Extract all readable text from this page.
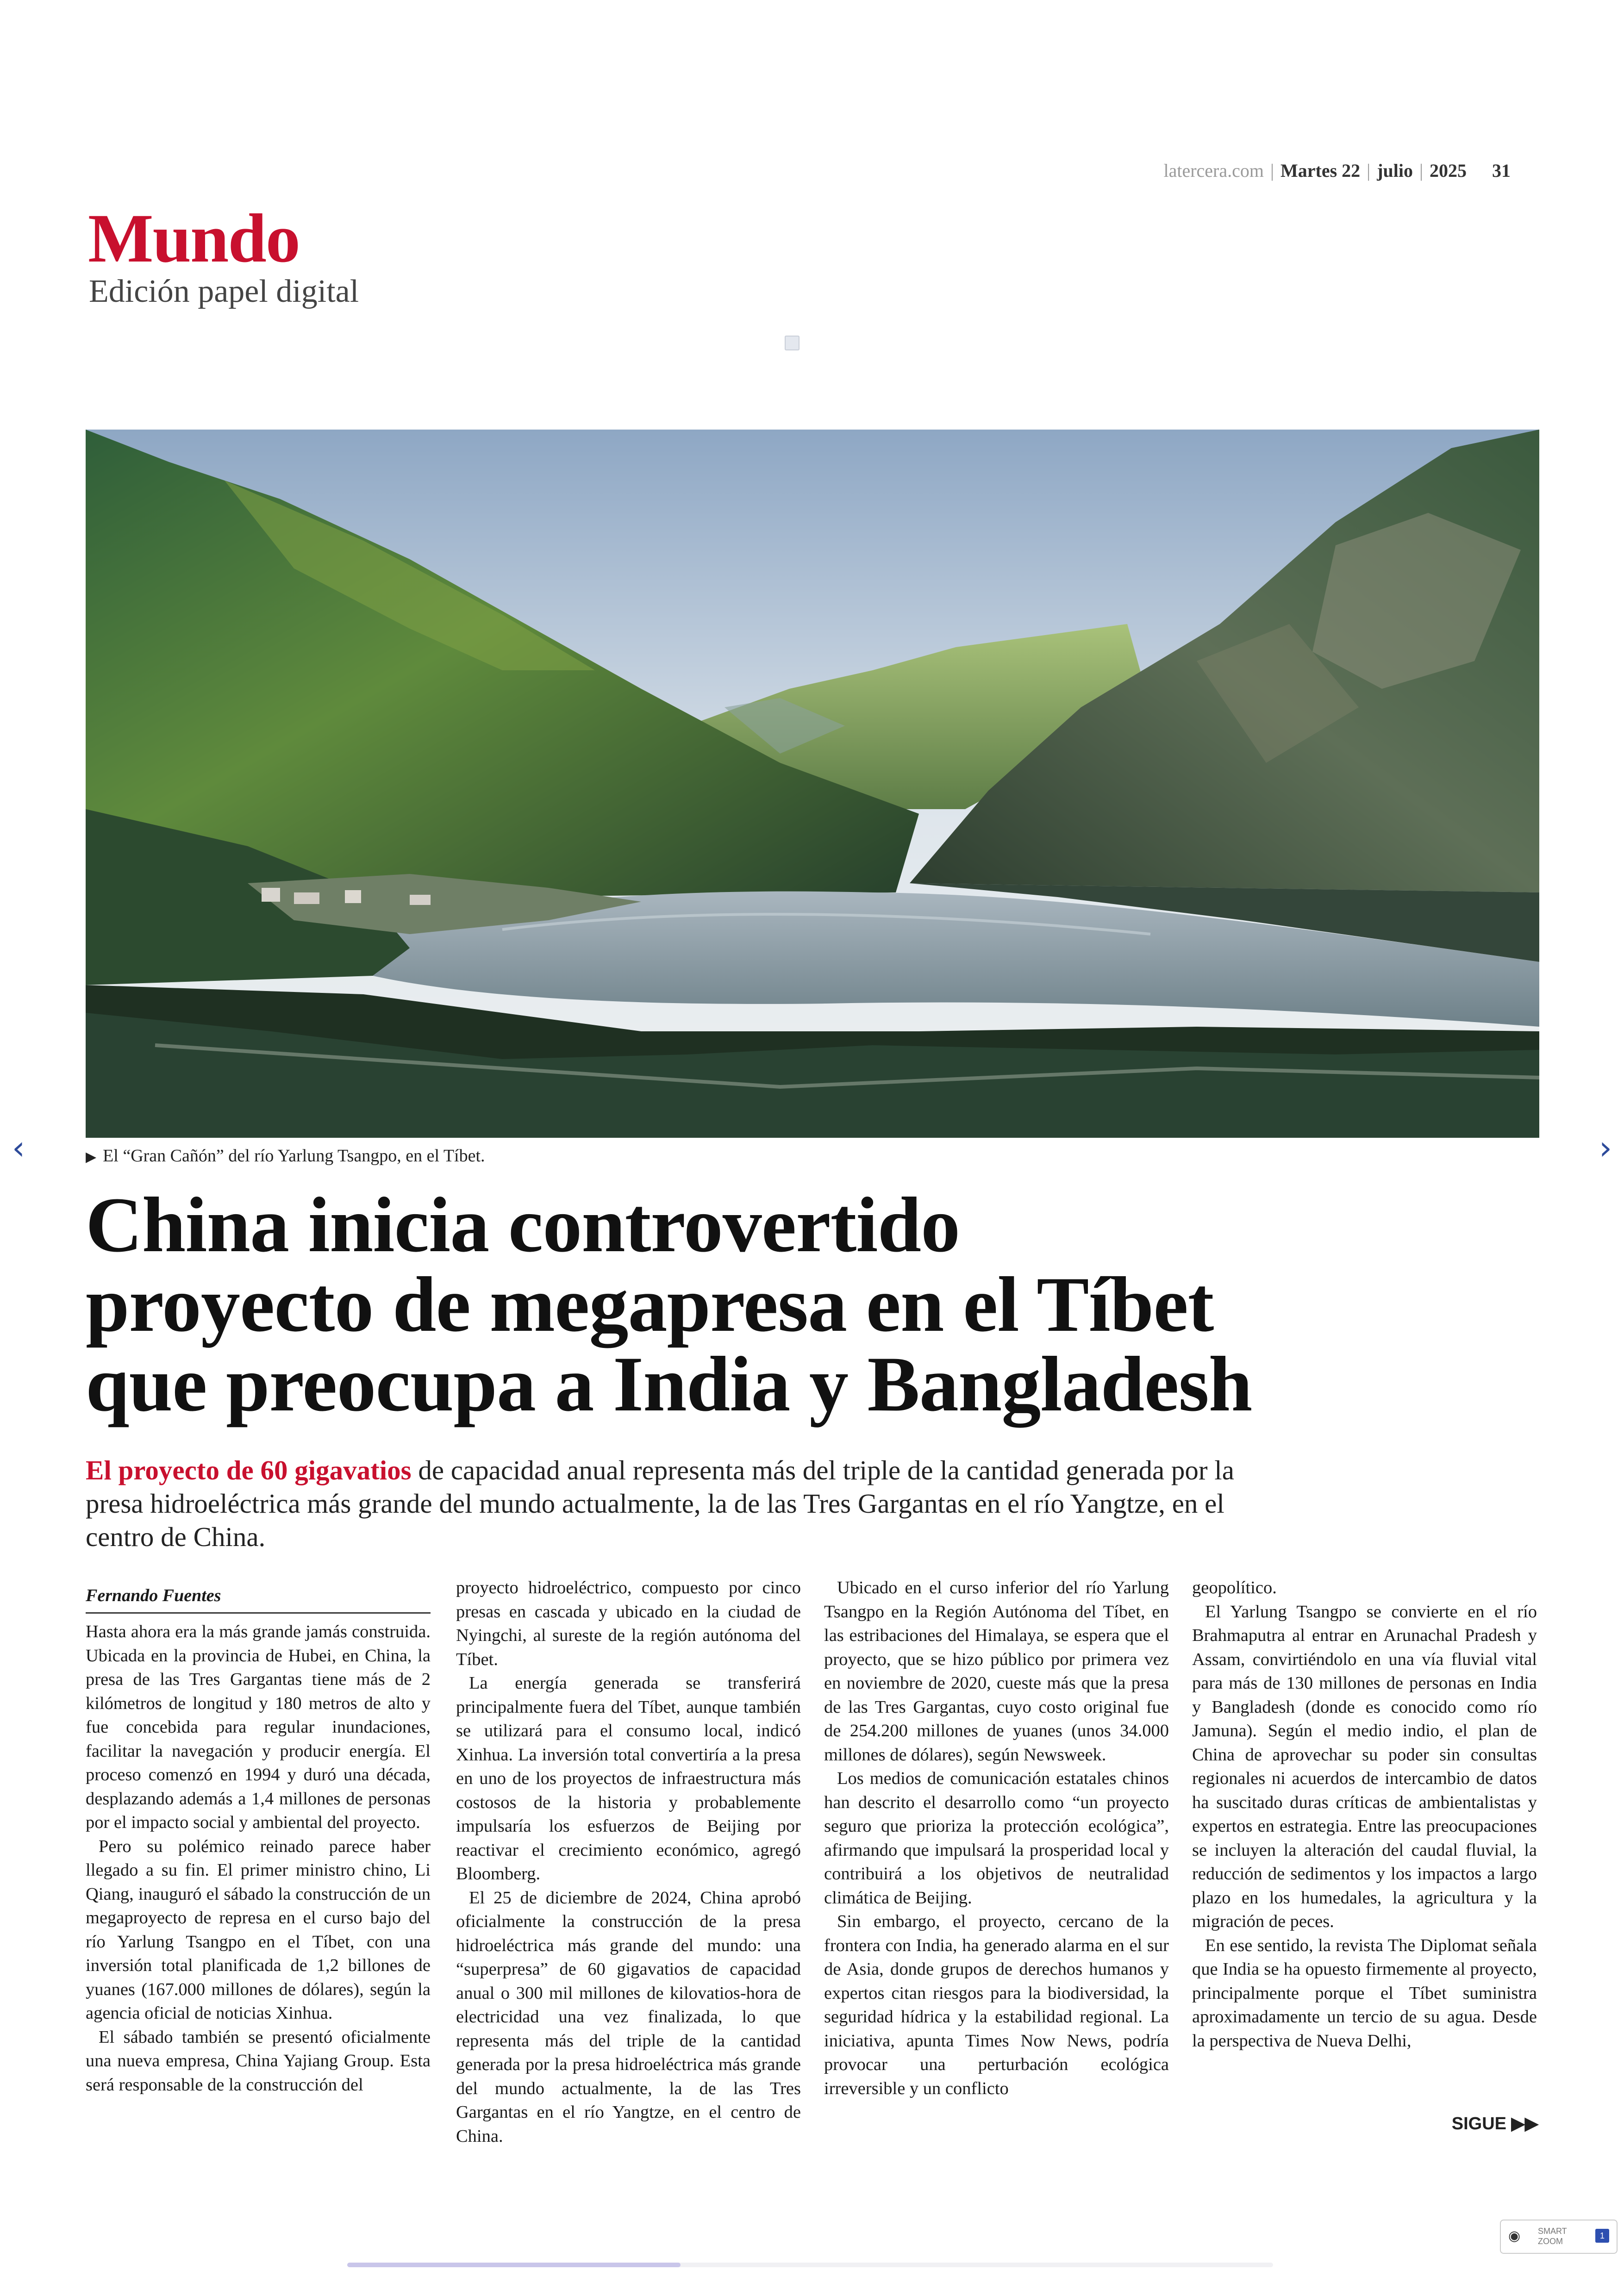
latercera.com | Martes 22 | julio | 2025 31
Mundo
Edición papel digital
▶ El “Gran Cañón” del río Yarlung Tsangpo, en el Tíbet.
‹	›
China inicia controvertido
proyecto de megapresa en el Tíbet
que preocupa a India y Bangladesh

El proyecto de 60 gigavatios de capacidad anual representa más del triple de la cantidad generada por la presa hidroeléctrica más grande del mundo actualmente, la de las Tres Gargantas en el río Yangtze, en el centro de China.

Fernando Fuentes

Hasta ahora era la más grande jamás construida. Ubicada en la provincia de Hubei, en China, la presa de las Tres Gargantas tiene más de 2 kilómetros de longitud y 180 metros de alto y fue concebida para regular inundaciones, facilitar la navegación y producir energía. El proceso comenzó en 1994 y duró una década, desplazando además a 1,4 millones de personas por el impacto social y ambiental del proyecto.

Pero su polémico reinado parece haber llegado a su fin. El primer ministro chino, Li Qiang, inauguró el sábado la construcción de un megaproyecto de represa en el curso bajo del río Yarlung Tsangpo en el Tíbet, con una inversión total planificada de 1,2 billones de yuanes (167.000 millones de dólares), según la agencia oficial de noticias Xinhua.

El sábado también se presentó oficialmente una nueva empresa, China Yajiang Group. Esta será responsable de la construcción del

proyecto hidroeléctrico, compuesto por cinco presas en cascada y ubicado en la ciudad de Nyingchi, al sureste de la región autónoma del Tíbet.

La energía generada se transferirá principalmente fuera del Tíbet, aunque también se utilizará para el consumo local, indicó Xinhua. La inversión total convertiría a la presa en uno de los proyectos de infraestructura más costosos de la historia y probablemente impulsaría los esfuerzos de Beijing por reactivar el crecimiento económico, agregó Bloomberg.

El 25 de diciembre de 2024, China aprobó oficialmente la construcción de la presa hidroeléctrica más grande del mundo: una “superpresa” de 60 gigavatios de capacidad anual o 300 mil millones de kilovatios-hora de electricidad una vez finalizada, lo que representa más del triple de la cantidad generada por la presa hidroeléctrica más grande del mundo actualmente, la de las Tres Gargantas en el río Yangtze, en el centro de China.

Ubicado en el curso inferior del río Yarlung Tsangpo en la Región Autónoma del Tíbet, en las estribaciones del Himalaya, se espera que el proyecto, que se hizo público por primera vez en noviembre de 2020, cueste más que la presa de las Tres Gargantas, cuyo costo original fue de 254.200 millones de yuanes (unos 34.000 millones de dólares), según Newsweek.

Los medios de comunicación estatales chinos han descrito el desarrollo como “un proyecto seguro que prioriza la protección ecológica”, afirmando que impulsará la prosperidad local y contribuirá a los objetivos de neutralidad climática de Beijing.

Sin embargo, el proyecto, cercano de la frontera con India, ha generado alarma en el sur de Asia, donde grupos de derechos humanos y expertos citan riesgos para la biodiversidad, la seguridad hídrica y la estabilidad regional. La iniciativa, apunta Times Now News, podría provocar una perturbación ecológica irreversible y un conflicto

geopolítico.

El Yarlung Tsangpo se convierte en el río Brahmaputra al entrar en Arunachal Pradesh y Assam, convirtiéndolo en una vía fluvial vital para más de 130 millones de personas en India y Bangladesh (donde es conocido como río Jamuna). Según el medio indio, el plan de China de aprovechar su poder sin consultas regionales ni acuerdos de intercambio de datos ha suscitado duras críticas de ambientalistas y expertos en estrategia. Entre las preocupaciones se incluyen la alteración del caudal fluvial, la reducción de sedimentos y los impactos a largo plazo en los humedales, la agricultura y la migración de peces.

En ese sentido, la revista The Diplomat señala que India se ha opuesto firmemente al proyecto, principalmente porque el Tíbet suministra aproximadamente un tercio de su agua. Desde la perspectiva de Nueva Delhi,

SIGUE ▶▶
◉ SMART ZOOM
1
